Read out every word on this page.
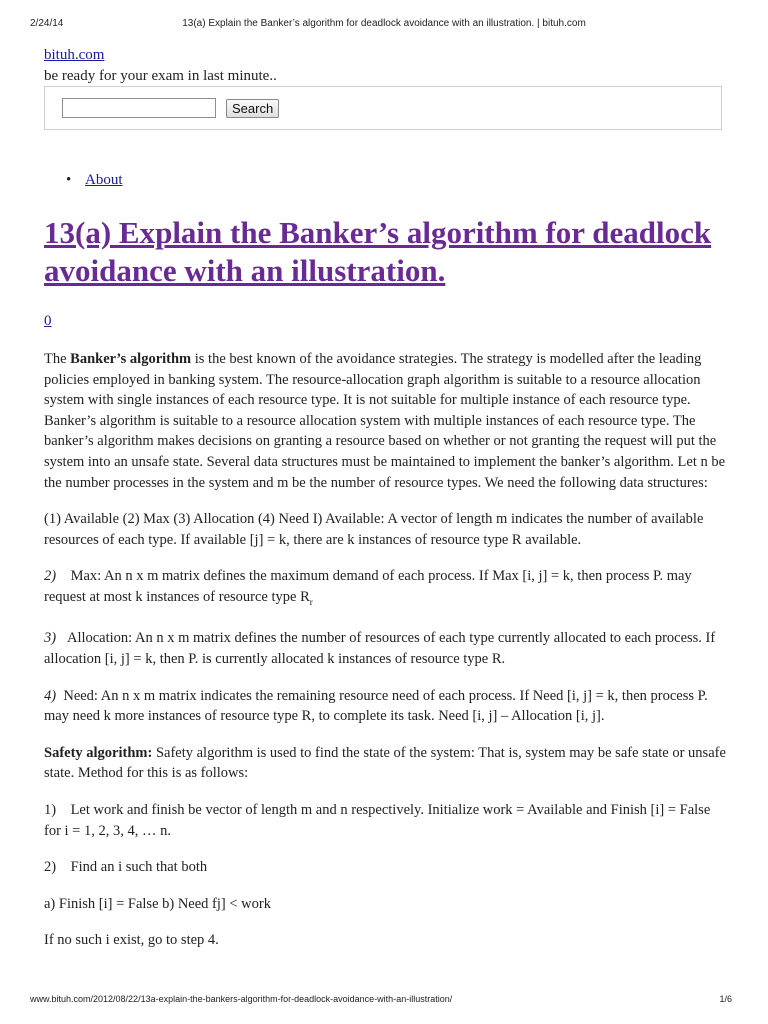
2/24/14	13(a) Explain the Banker’s algorithm for deadlock avoidance with an illustration. | bituh.com
bituh.com
be ready for your exam in last minute..
Search
• About
13(a) Explain the Banker’s algorithm for deadlock avoidance with an illustration.
0

The Banker’s algorithm is the best known of the avoidance strategies. The strategy is modelled after the leading policies employed in banking system. The resource-allocation graph algorithm is suitable to a resource allocation system with single instances of each resource type. It is not suitable for multiple instance of each resource type. Banker’s algorithm is suitable to a resource allocation system with multiple instances of each resource type. The banker’s algorithm makes decisions on granting a resource based on whether or not granting the request will put the system into an unsafe state. Several data structures must be maintained to implement the banker’s algorithm. Let n be the number processes in the system and m be the number of resource types. We need the following data structures:

(1) Available (2) Max (3) Allocation (4) Need I) Available: A vector of length m indicates the number of available resources of each type. If available [j] = k, there are k instances of resource type R available.

2) Max: An n x m matrix defines the maximum demand of each process. If Max [i, j] = k, then process P. may request at most k instances of resource type $R_r$

3) Allocation: An n x m matrix defines the number of resources of each type currently allocated to each process. If allocation [i, j] = k, then P. is currently allocated k instances of resource type R.

4) Need: An n x m matrix indicates the remaining resource need of each process. If Need [i, j] = k, then process P. may need k more instances of resource type R, to complete its task. Need [i, j] – Allocation [i, j].

Safety algorithm: Safety algorithm is used to find the state of the system: That is, system may be safe state or unsafe state. Method for this is as follows:

1)    Let work and finish be vector of length m and n respectively. Initialize work = Available and Finish [i] = False for i = 1, 2, 3, 4, … n.

2)    Find an i such that both

a) Finish [i] = False b) Need fj] < work

If no such i exist, go to step 4.

www.bituh.com/2012/08/22/13a-explain-the-bankers-algorithm-for-deadlock-avoidance-with-an-illustration/	1/6
